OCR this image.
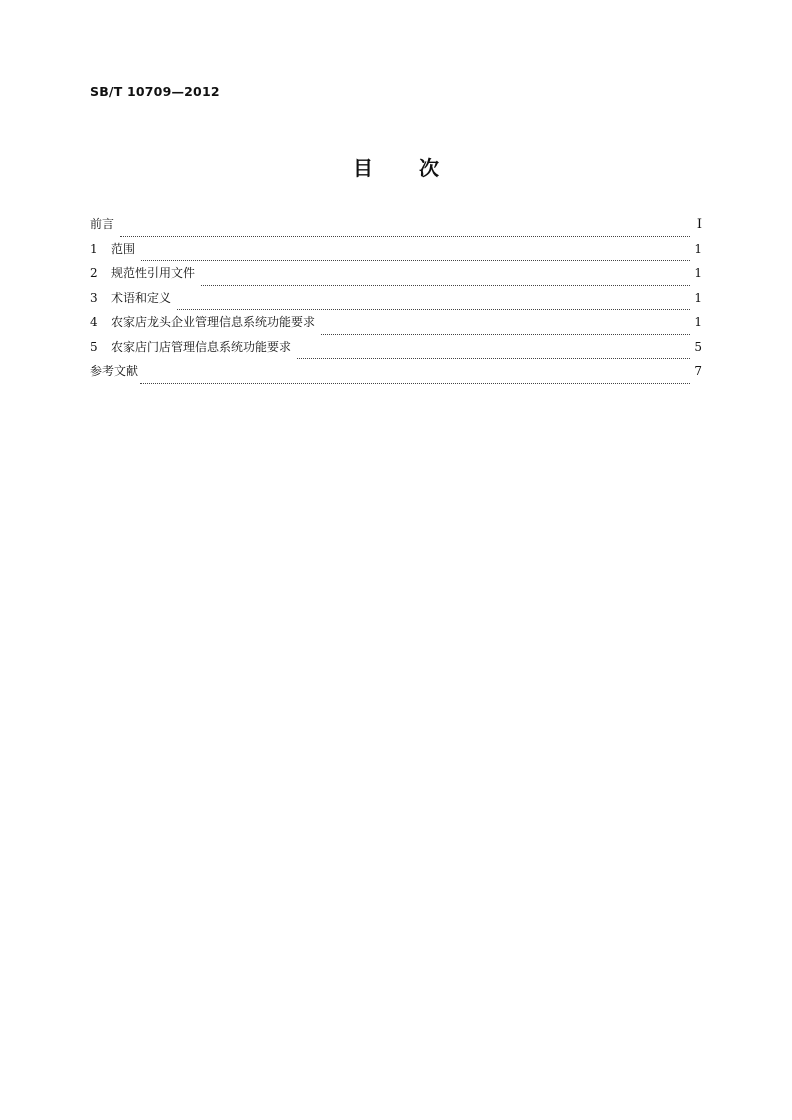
SB/T 10709—2012
目 次
前言	I
1	范围	1
2	规范性引用文件	1
3	术语和定义	1
4	农家店龙头企业管理信息系统功能要求	1
5	农家店门店管理信息系统功能要求	5
参考文献	7
